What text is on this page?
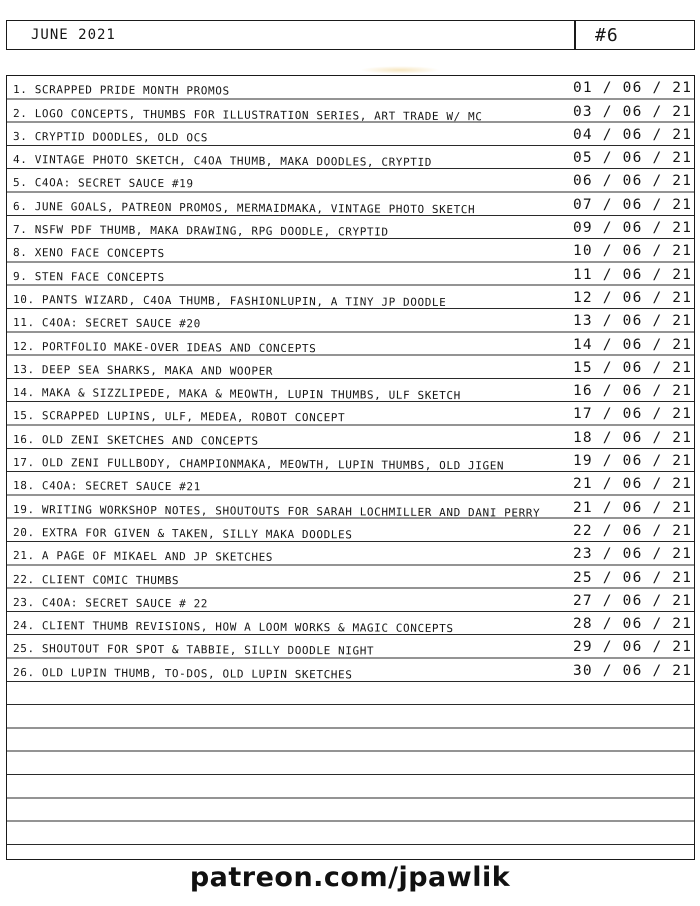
JUNE 2021	#6
1. SCRAPPED PRIDE MONTH PROMOS	01 / 06 / 21
2. LOGO CONCEPTS, THUMBS FOR ILLUSTRATION SERIES, ART TRADE W/ MC	03 / 06 / 21
3. CRYPTID DOODLES, OLD OCS	04 / 06 / 21
4. VINTAGE PHOTO SKETCH, C4OA THUMB, MAKA DOODLES, CRYPTID	05 / 06 / 21
5. C4OA: SECRET SAUCE #19	06 / 06 / 21
6. JUNE GOALS, PATREON PROMOS, MERMAIDMAKA, VINTAGE PHOTO SKETCH	07 / 06 / 21
7. NSFW PDF THUMB, MAKA DRAWING, RPG DOODLE, CRYPTID	09 / 06 / 21
8. XENO FACE CONCEPTS	10 / 06 / 21
9. STEN FACE CONCEPTS	11 / 06 / 21
10. PANTS WIZARD, C4OA THUMB, FASHIONLUPIN, A TINY JP DOODLE	12 / 06 / 21
11. C4OA: SECRET SAUCE #20	13 / 06 / 21
12. PORTFOLIO MAKE-OVER IDEAS AND CONCEPTS	14 / 06 / 21
13. DEEP SEA SHARKS, MAKA AND WOOPER	15 / 06 / 21
14. MAKA & SIZZLIPEDE, MAKA & MEOWTH, LUPIN THUMBS, ULF SKETCH	16 / 06 / 21
15. SCRAPPED LUPINS, ULF, MEDEA, ROBOT CONCEPT	17 / 06 / 21
16. OLD ZENI SKETCHES AND CONCEPTS	18 / 06 / 21
17. OLD ZENI FULLBODY, CHAMPIONMAKA, MEOWTH, LUPIN THUMBS, OLD JIGEN	19 / 06 / 21
18. C4OA: SECRET SAUCE #21	21 / 06 / 21
19. WRITING WORKSHOP NOTES, SHOUTOUTS FOR SARAH LOCHMILLER AND DANI PERRY 21 / 06 / 21
20. EXTRA FOR GIVEN & TAKEN, SILLY MAKA DOODLES	22 / 06 / 21
21. A PAGE OF MIKAEL AND JP SKETCHES	23 / 06 / 21
22. CLIENT COMIC THUMBS	25 / 06 / 21
23. C4OA: SECRET SAUCE # 22	27 / 06 / 21
24. CLIENT THUMB REVISIONS, HOW A LOOM WORKS & MAGIC CONCEPTS	28 / 06 / 21
25. SHOUTOUT FOR SPOT & TABBIE, SILLY DOODLE NIGHT	29 / 06 / 21
26. OLD LUPIN THUMB, TO-DOS, OLD LUPIN SKETCHES	30 / 06 / 21
patreon.com/jpawlik
